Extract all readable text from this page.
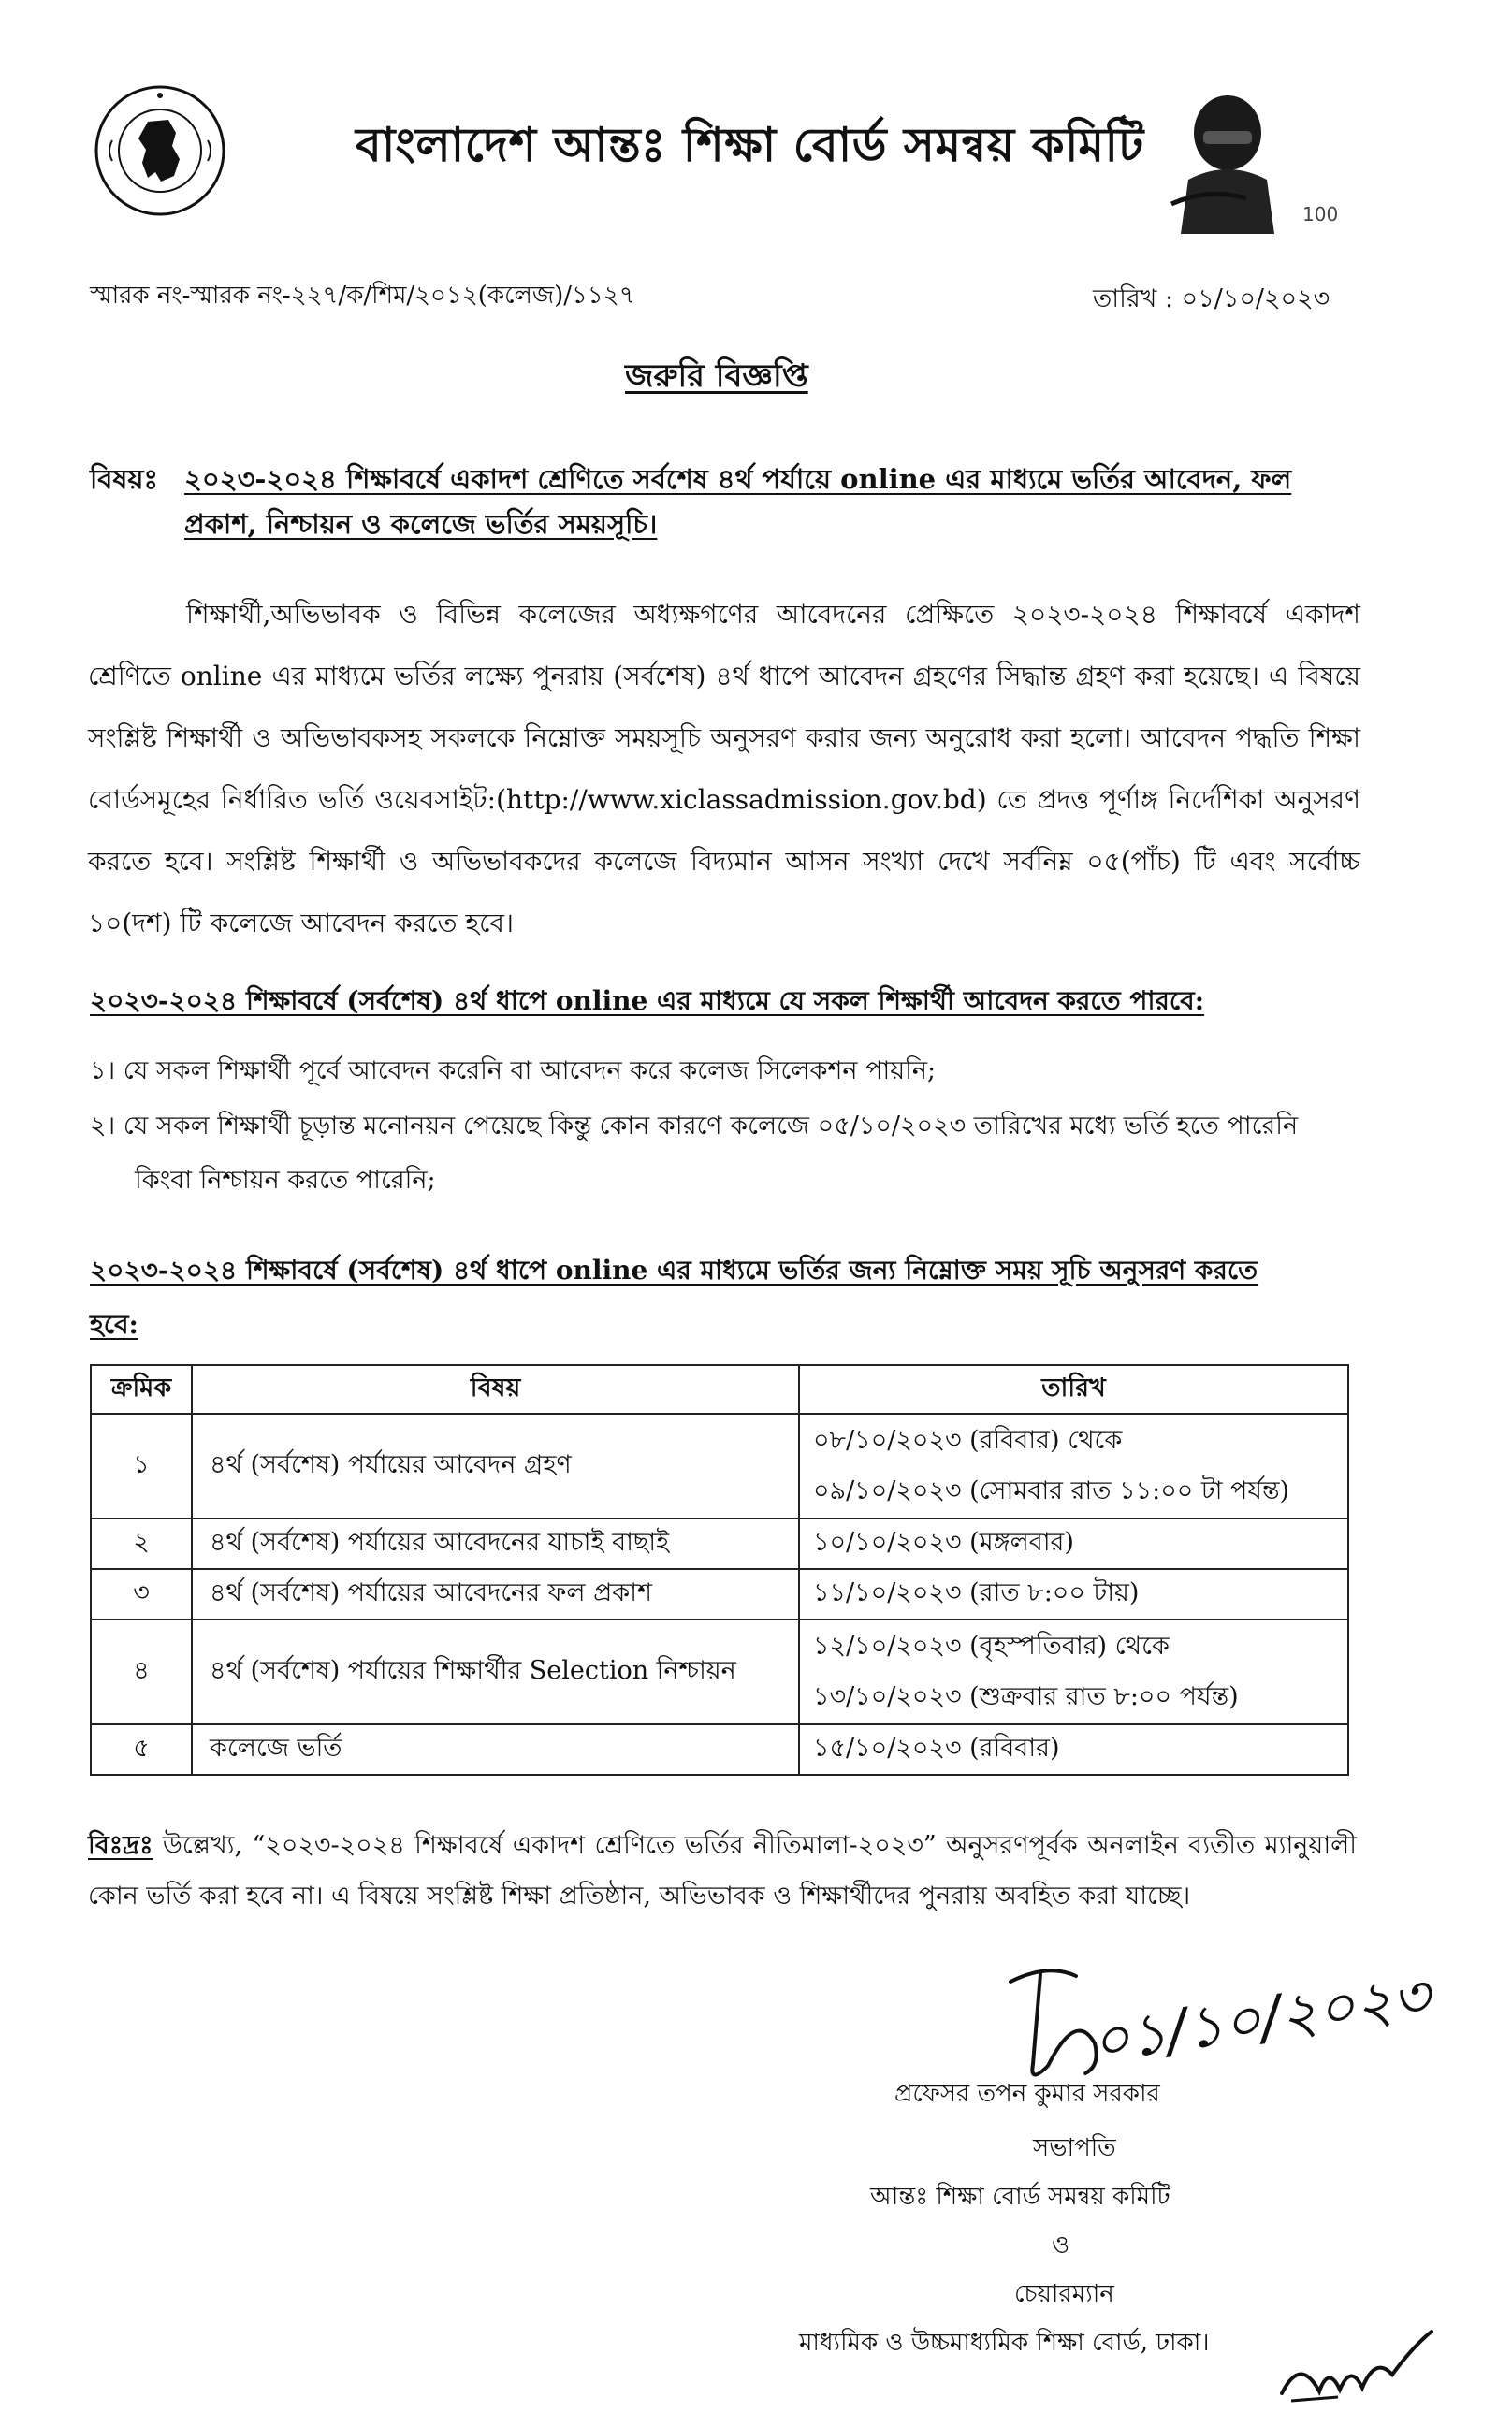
বাংলাদেশ আন্তঃ শিক্ষা বোর্ড সমন্বয় কমিটি
100
স্মারক নং-স্মারক নং-২২৭/ক/শিম/২০১২(কলেজ)/১১২৭	তারিখ : ০১/১০/২০২৩
জরুরি বিজ্ঞপ্তি
বিষয়ঃ ২০২৩-২০২৪ শিক্ষাবর্ষে একাদশ শ্রেণিতে সর্বশেষ ৪র্থ পর্যায়ে online এর মাধ্যমে ভর্তির আবেদন, ফল
প্রকাশ, নিশ্চায়ন ও কলেজে ভর্তির সময়সূচি।
শিক্ষার্থী,অভিভাবক ও বিভিন্ন কলেজের অধ্যক্ষগণের আবেদনের প্রেক্ষিতে ২০২৩-২০২৪ শিক্ষাবর্ষে একাদশ শ্রেণিতে online এর মাধ্যমে ভর্তির লক্ষ্যে পুনরায় (সর্বশেষ) ৪র্থ ধাপে আবেদন গ্রহণের সিদ্ধান্ত গ্রহণ করা হয়েছে। এ বিষয়ে সংশ্লিষ্ট শিক্ষার্থী ও অভিভাবকসহ সকলকে নিম্নোক্ত সময়সূচি অনুসরণ করার জন্য অনুরোধ করা হলো। আবেদন পদ্ধতি শিক্ষা বোর্ডসমূহের নির্ধারিত ভর্তি ওয়েবসাইট:(http://www.xiclassadmission.gov.bd) তে প্রদত্ত পূর্ণাঙ্গ নির্দেশিকা অনুসরণ করতে হবে। সংশ্লিষ্ট শিক্ষার্থী ও অভিভাবকদের কলেজে বিদ্যমান আসন সংখ্যা দেখে সর্বনিম্ন ০৫(পাঁচ) টি এবং সর্বোচ্চ ১০(দশ) টি কলেজে আবেদন করতে হবে।
২০২৩-২০২৪ শিক্ষাবর্ষে (সর্বশেষ) ৪র্থ ধাপে online এর মাধ্যমে যে সকল শিক্ষার্থী আবেদন করতে পারবে:
১। যে সকল শিক্ষার্থী পূর্বে আবেদন করেনি বা আবেদন করে কলেজ সিলেকশন পায়নি;
২। যে সকল শিক্ষার্থী চূড়ান্ত মনোনয়ন পেয়েছে কিন্তু কোন কারণে কলেজে ০৫/১০/২০২৩ তারিখের মধ্যে ভর্তি হতে পারেনি
কিংবা নিশ্চায়ন করতে পারেনি;
২০২৩-২০২৪ শিক্ষাবর্ষে (সর্বশেষ) ৪র্থ ধাপে online এর মাধ্যমে ভর্তির জন্য নিম্নোক্ত সময় সূচি অনুসরণ করতে
হবে:
ক্রমিক	বিষয়	তারিখ
১	৪র্থ (সর্বশেষ) পর্যায়ের আবেদন গ্রহণ	০৮/১০/২০২৩ (রবিবার) থেকে
০৯/১০/২০২৩ (সোমবার রাত ১১:০০ টা পর্যন্ত)

২	৪র্থ (সর্বশেষ) পর্যায়ের আবেদনের যাচাই বাছাই	১০/১০/২০২৩ (মঙ্গলবার)
৩	৪র্থ (সর্বশেষ) পর্যায়ের আবেদনের ফল প্রকাশ	১১/১০/২০২৩ (রাত ৮:০০ টায়)
৪	৪র্থ (সর্বশেষ) পর্যায়ের শিক্ষার্থীর Selection নিশ্চায়ন	১২/১০/২০২৩ (বৃহস্পতিবার) থেকে
১৩/১০/২০২৩ (শুক্রবার রাত ৮:০০ পর্যন্ত)

৫	কলেজে ভর্তি	১৫/১০/২০২৩ (রবিবার)
বিঃদ্রঃ উল্লেখ্য, “২০২৩-২০২৪ শিক্ষাবর্ষে একাদশ শ্রেণিতে ভর্তির নীতিমালা-২০২৩” অনুসরণপূর্বক অনলাইন ব্যতীত ম্যানুয়ালী কোন ভর্তি করা হবে না। এ বিষয়ে সংশ্লিষ্ট শিক্ষা প্রতিষ্ঠান, অভিভাবক ও শিক্ষার্থীদের পুনরায় অবহিত করা যাচ্ছে।
০১/১০/২০২৩
প্রফেসর তপন কুমার সরকার
সভাপতি
আন্তঃ শিক্ষা বোর্ড সমন্বয় কমিটি
ও
চেয়ারম্যান
মাধ্যমিক ও উচ্চমাধ্যমিক শিক্ষা বোর্ড, ঢাকা।
